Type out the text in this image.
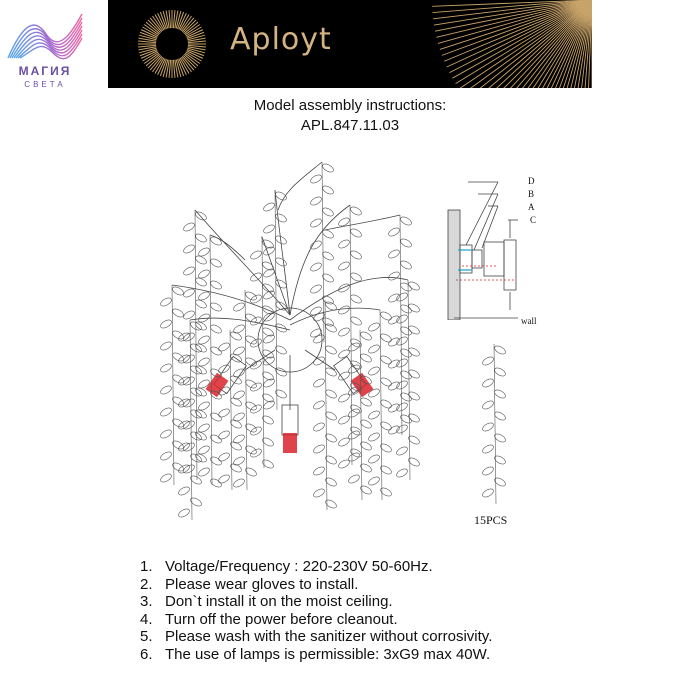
МАГИЯ
СВЕТА
Aployt
Model assembly instructions:
APL.847.11.03
D
B
A
C
wall
15PCS
1. Voltage/Frequency : 220-230V 50-60Hz.
2. Please wear gloves to install.
3. Don`t install it on the moist ceiling.
4. Turn off the power before cleanout.
5. Please wash with the sanitizer without corrosivity.
6. The use of lamps is permissible: 3xG9 max 40W.
